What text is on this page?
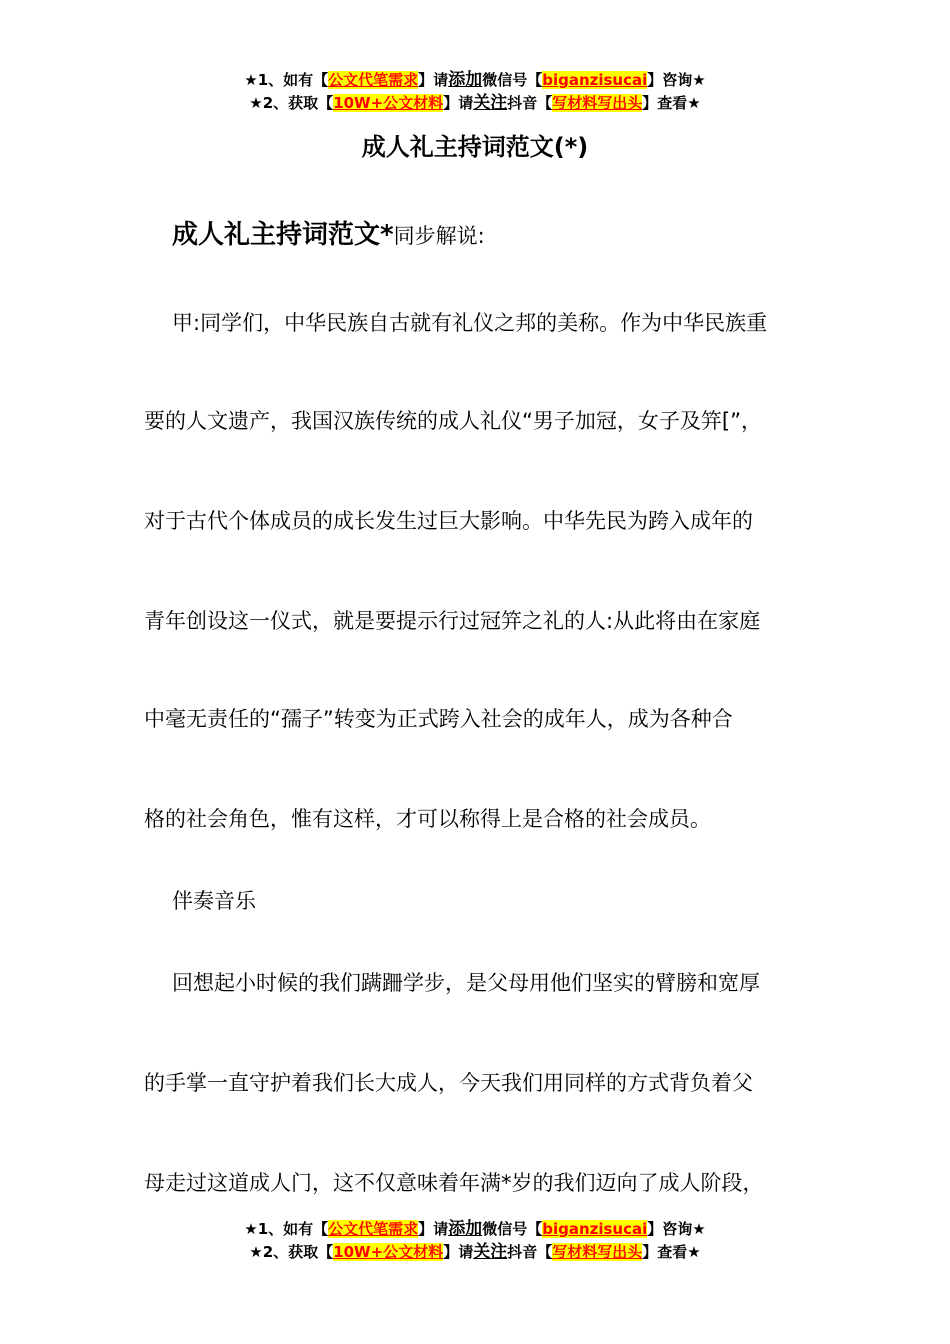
★1、如有【公文代笔需求】请添加微信号【biganzisucai】咨询★
★2、获取【10W+公文材料】请关注抖音【写材料写出头】查看★
成人礼主持词范文(*)
成人礼主持词范文*同步解说:
甲:同学们，中华民族自古就有礼仪之邦的美称。作为中华民族重
要的人文遗产，我国汉族传统的成人礼仪“男子加冠，女子及笄[”，
对于古代个体成员的成长发生过巨大影响。中华先民为跨入成年的
青年创设这一仪式，就是要提示行过冠笄之礼的人:从此将由在家庭
中毫无责任的“孺子”转变为正式跨入社会的成年人，成为各种合
格的社会角色，惟有这样，才可以称得上是合格的社会成员。
伴奏音乐
回想起小时候的我们蹒跚学步，是父母用他们坚实的臂膀和宽厚
的手掌一直守护着我们长大成人，今天我们用同样的方式背负着父
母走过这道成人门，这不仅意味着年满*岁的我们迈向了成人阶段，
★1、如有【公文代笔需求】请添加微信号【biganzisucai】咨询★
★2、获取【10W+公文材料】请关注抖音【写材料写出头】查看★
